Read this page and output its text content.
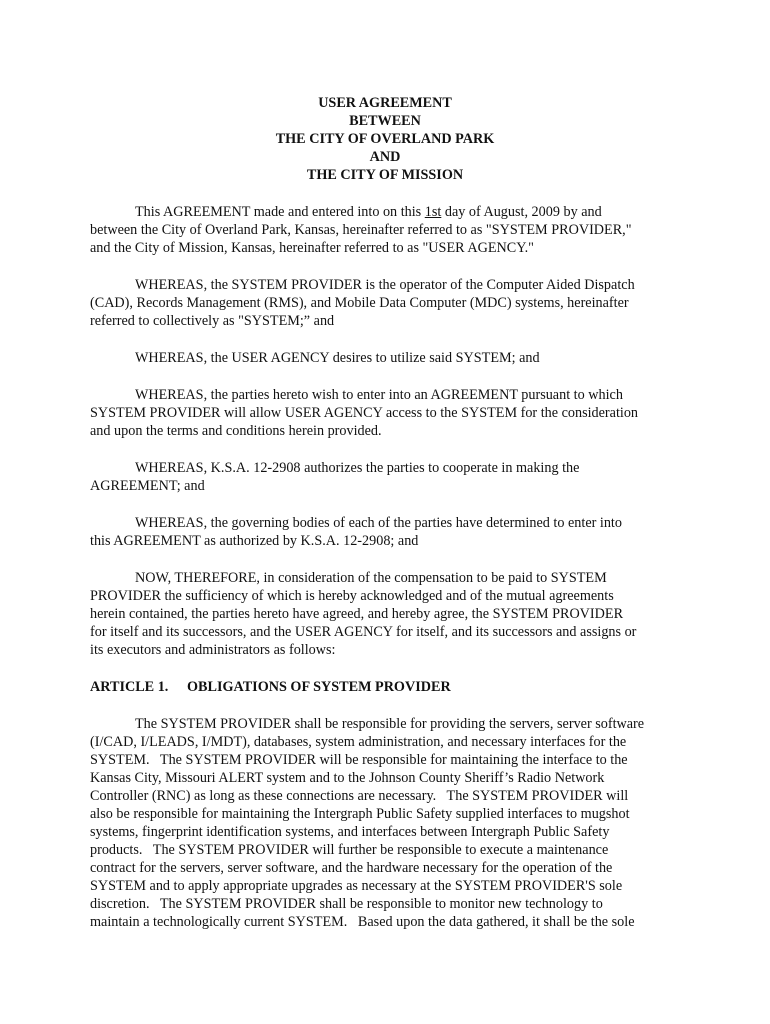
USER AGREEMENT
BETWEEN
THE CITY OF OVERLAND PARK
AND
THE CITY OF MISSION
This AGREEMENT made and entered into on this 1st day of August, 2009 by and
between the City of Overland Park, Kansas, hereinafter referred to as "SYSTEM PROVIDER,"
and the City of Mission, Kansas, hereinafter referred to as "USER AGENCY."
WHEREAS, the SYSTEM PROVIDER is the operator of the Computer Aided Dispatch
(CAD), Records Management (RMS), and Mobile Data Computer (MDC) systems, hereinafter
referred to collectively as "SYSTEM;” and
WHEREAS, the USER AGENCY desires to utilize said SYSTEM; and
WHEREAS, the parties hereto wish to enter into an AGREEMENT pursuant to which
SYSTEM PROVIDER will allow USER AGENCY access to the SYSTEM for the consideration
and upon the terms and conditions herein provided.
WHEREAS, K.S.A. 12-2908 authorizes the parties to cooperate in making the
AGREEMENT; and
WHEREAS, the governing bodies of each of the parties have determined to enter into
this AGREEMENT as authorized by K.S.A. 12-2908; and
NOW, THEREFORE, in consideration of the compensation to be paid to SYSTEM
PROVIDER the sufficiency of which is hereby acknowledged and of the mutual agreements
herein contained, the parties hereto have agreed, and hereby agree, the SYSTEM PROVIDER
for itself and its successors, and the USER AGENCY for itself, and its successors and assigns or
its executors and administrators as follows:
ARTICLE 1. OBLIGATIONS OF SYSTEM PROVIDER
The SYSTEM PROVIDER shall be responsible for providing the servers, server software
(I/CAD, I/LEADS, I/MDT), databases, system administration, and necessary interfaces for the
SYSTEM.   The SYSTEM PROVIDER will be responsible for maintaining the interface to the
Kansas City, Missouri ALERT system and to the Johnson County Sheriff’s Radio Network
Controller (RNC) as long as these connections are necessary.   The SYSTEM PROVIDER will
also be responsible for maintaining the Intergraph Public Safety supplied interfaces to mugshot
systems, fingerprint identification systems, and interfaces between Intergraph Public Safety
products.   The SYSTEM PROVIDER will further be responsible to execute a maintenance
contract for the servers, server software, and the hardware necessary for the operation of the
SYSTEM and to apply appropriate upgrades as necessary at the SYSTEM PROVIDER'S sole
discretion.   The SYSTEM PROVIDER shall be responsible to monitor new technology to
maintain a technologically current SYSTEM.   Based upon the data gathered, it shall be the sole
